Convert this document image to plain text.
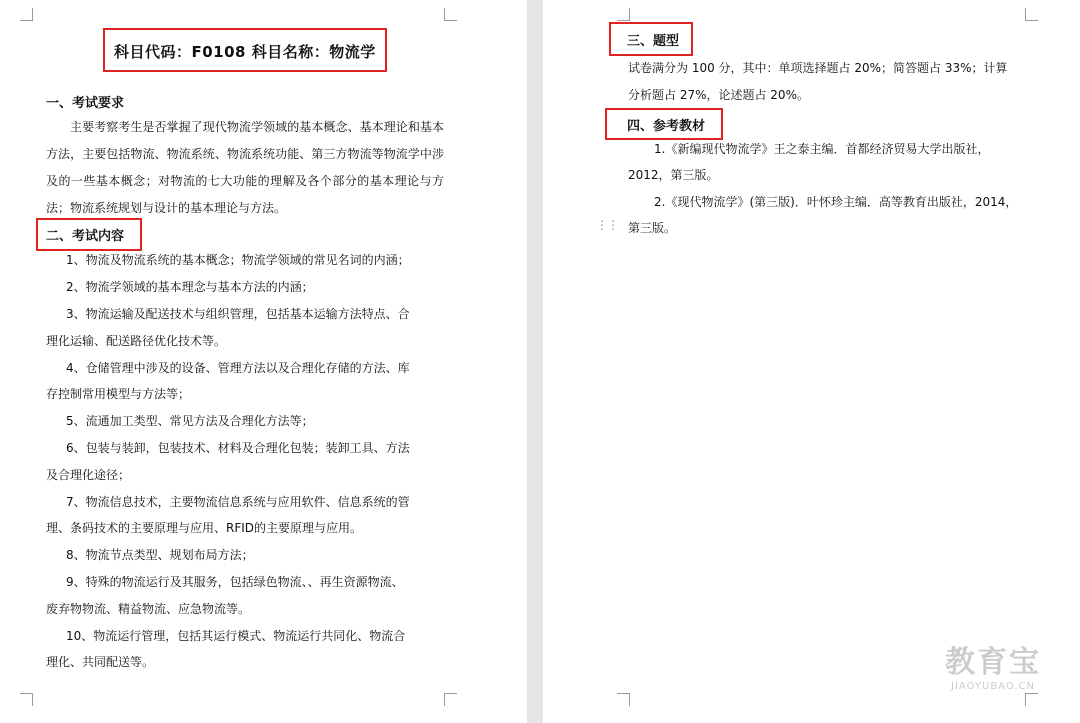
科目代码：F0108 科目名称：物流学
一、考试要求
主要考察考生是否掌握了现代物流学领域的基本概念、基本理论和基本方法，主要包括物流、物流系统、物流系统功能、第三方物流等物流学中涉及的一些基本概念；对物流的七大功能的理解及各个部分的基本理论与方法；物流系统规划与设计的基本理论与方法。
二、考试内容
1、物流及物流系统的基本概念；物流学领域的常见名词的内涵；
2、物流学领域的基本理念与基本方法的内涵；
3、物流运输及配送技术与组织管理，包括基本运输方法特点、合
理化运输、配送路径优化技术等。
4、仓储管理中涉及的设备、管理方法以及合理化存储的方法、库
存控制常用模型与方法等；
5、流通加工类型、常见方法及合理化方法等；
6、包装与装卸，包装技术、材料及合理化包装；装卸工具、方法
及合理化途径；
7、物流信息技术，主要物流信息系统与应用软件、信息系统的管
理、条码技术的主要原理与应用、RFID的主要原理与应用。
8、物流节点类型、规划布局方法；
9、特殊的物流运行及其服务，包括绿色物流、、再生资源物流、
废弃物物流、精益物流、应急物流等。
10、物流运行管理，包括其运行模式、物流运行共同化、物流合
理化、共同配送等。
三、题型
试卷满分为 100 分，其中：单项选择题占 20%；简答题占 33%；计算
分析题占 27%，论述题占 20%。
四、参考教材
1.《新编现代物流学》王之泰主编．首都经济贸易大学出版社，
2012，第三版。
2.《现代物流学》(第三版)．叶怀珍主编．高等教育出版社，2014，
第三版。
⋮⋮
教育宝
JIAOYUBAO.CN
